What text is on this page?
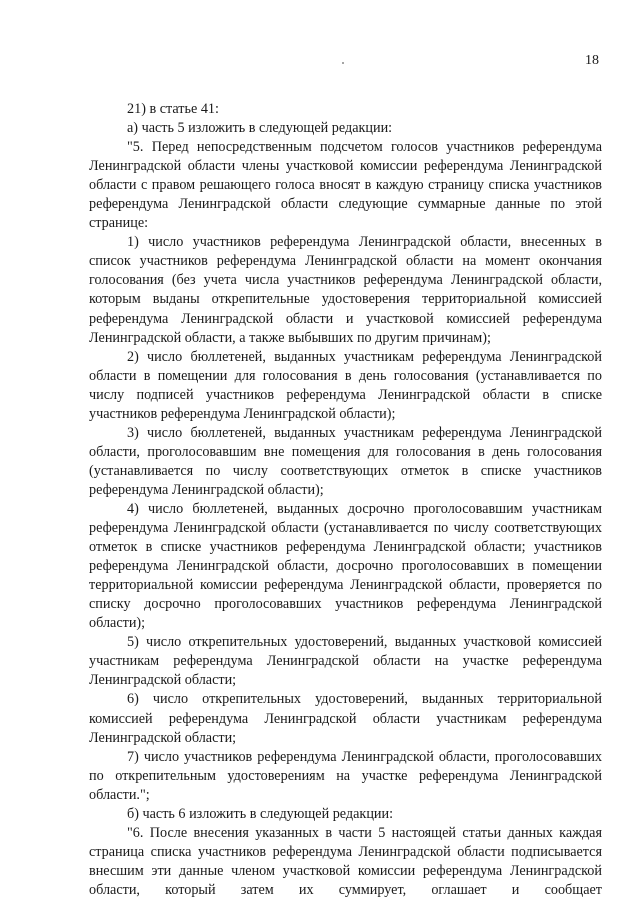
18

21) в статье 41:

а) часть 5 изложить в следующей редакции:

"5. Перед непосредственным подсчетом голосов участников референдума Ленинградской области члены участковой комиссии референдума Ленинградской области с правом решающего голоса вносят в каждую страницу списка участников референдума Ленинградской области следующие суммарные данные по этой странице:

1) число участников референдума Ленинградской области, внесенных в список участников референдума Ленинградской области на момент окончания голосования (без учета числа участников референдума Ленинградской области, которым выданы открепительные удостоверения территориальной комиссией референдума Ленинградской области и участковой комиссией референдума Ленинградской области, а также выбывших по другим причинам);

2) число бюллетеней, выданных участникам референдума Ленинградской области в помещении для голосования в день голосования (устанавливается по числу подписей участников референдума Ленинградской области в списке участников референдума Ленинградской области);

3) число бюллетеней, выданных участникам референдума Ленинградской области, проголосовавшим вне помещения для голосования в день голосования (устанавливается по числу соответствующих отметок в списке участников референдума Ленинградской области);

4) число бюллетеней, выданных досрочно проголосовавшим участникам референдума Ленинградской области (устанавливается по числу соответствующих отметок в списке участников референдума Ленинградской области; участников референдума Ленинградской области, досрочно проголосовавших в помещении территориальной комиссии референдума Ленинградской области, проверяется по списку досрочно проголосовавших участников референдума Ленинградской области);

5) число открепительных удостоверений, выданных участковой комиссией участникам референдума Ленинградской области на участке референдума Ленинградской области;

6) число открепительных удостоверений, выданных территориальной комиссией референдума Ленинградской области участникам референдума Ленинградской области;

7) число участников референдума Ленинградской области, проголосовавших по открепительным удостоверениям на участке референдума Ленинградской области.";

б) часть 6 изложить в следующей редакции:

"6. После внесения указанных в части 5 настоящей статьи данных каждая страница списка участников референдума Ленинградской области подписывается внесшим эти данные членом участковой комиссии референдума Ленинградской области, который затем их суммирует, оглашает и сообщает
